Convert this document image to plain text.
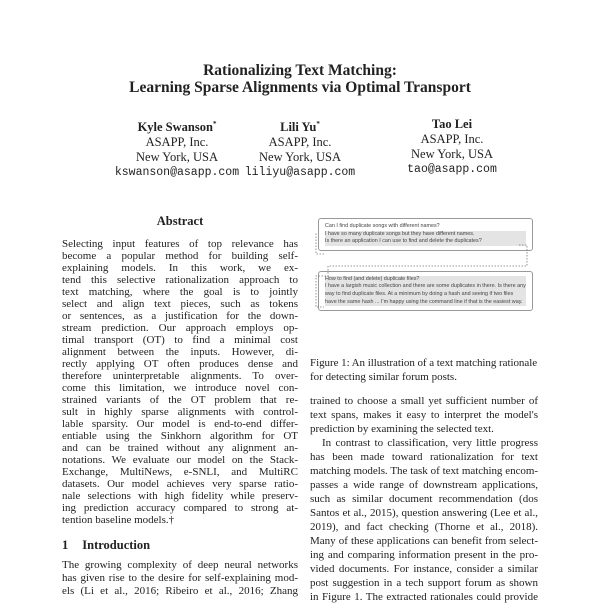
Rationalizing Text Matching:
Learning Sparse Alignments via Optimal Transport
Kyle Swanson*
ASAPP, Inc.
New York, USA
kswanson@asapp.com
Lili Yu*
ASAPP, Inc.
New York, USA
liliyu@asapp.com
Tao Lei
ASAPP, Inc.
New York, USA
tao@asapp.com
Abstract
Selecting input features of top relevance has
become a popular method for building self-
explaining models. In this work, we ex-
tend this selective rationalization approach to
text matching, where the goal is to jointly
select and align text pieces, such as tokens
or sentences, as a justification for the down-
stream prediction. Our approach employs op-
timal transport (OT) to find a minimal cost
alignment between the inputs. However, di-
rectly applying OT often produces dense and
therefore uninterpretable alignments. To over-
come this limitation, we introduce novel con-
strained variants of the OT problem that re-
sult in highly sparse alignments with control-
lable sparsity. Our model is end-to-end differ-
entiable using the Sinkhorn algorithm for OT
and can be trained without any alignment an-
notations. We evaluate our model on the Stack-
Exchange, MultiNews, e-SNLI, and MultiRC
datasets. Our model achieves very sparse ratio-
nale selections with high fidelity while preserv-
ing prediction accuracy compared to strong at-
tention baseline models.†
1 Introduction
The growing complexity of deep neural networks
has given rise to the desire for self-explaining mod-
els (Li et al., 2016; Ribeiro et al., 2016; Zhang
Can I find duplicate songs with different names?
I have so many duplicate songs but they have different names.
Is there an application I can use to find and delete the duplicates?
How to find (and delete) duplicate files?
I have a largish music collection and there are some duplicates in there. Is there any way to find duplicate files. At a minimum by doing a hash and seeing if two files have the same hash ... I'm happy using the command line if that is the easiest way.
Figure 1: An illustration of a text matching rationale
for detecting similar forum posts.
trained to choose a small yet sufficient number of
text spans, makes it easy to interpret the model's
prediction by examining the selected text.
In contrast to classification, very little progress
has been made toward rationalization for text
matching models. The task of text matching encom-
passes a wide range of downstream applications,
such as similar document recommendation (dos
Santos et al., 2015), question answering (Lee et al.,
2019), and fact checking (Thorne et al., 2018).
Many of these applications can benefit from select-
ing and comparing information present in the pro-
vided documents. For instance, consider a similar
post suggestion in a tech support forum as shown
in Figure 1. The extracted rationales could provide
